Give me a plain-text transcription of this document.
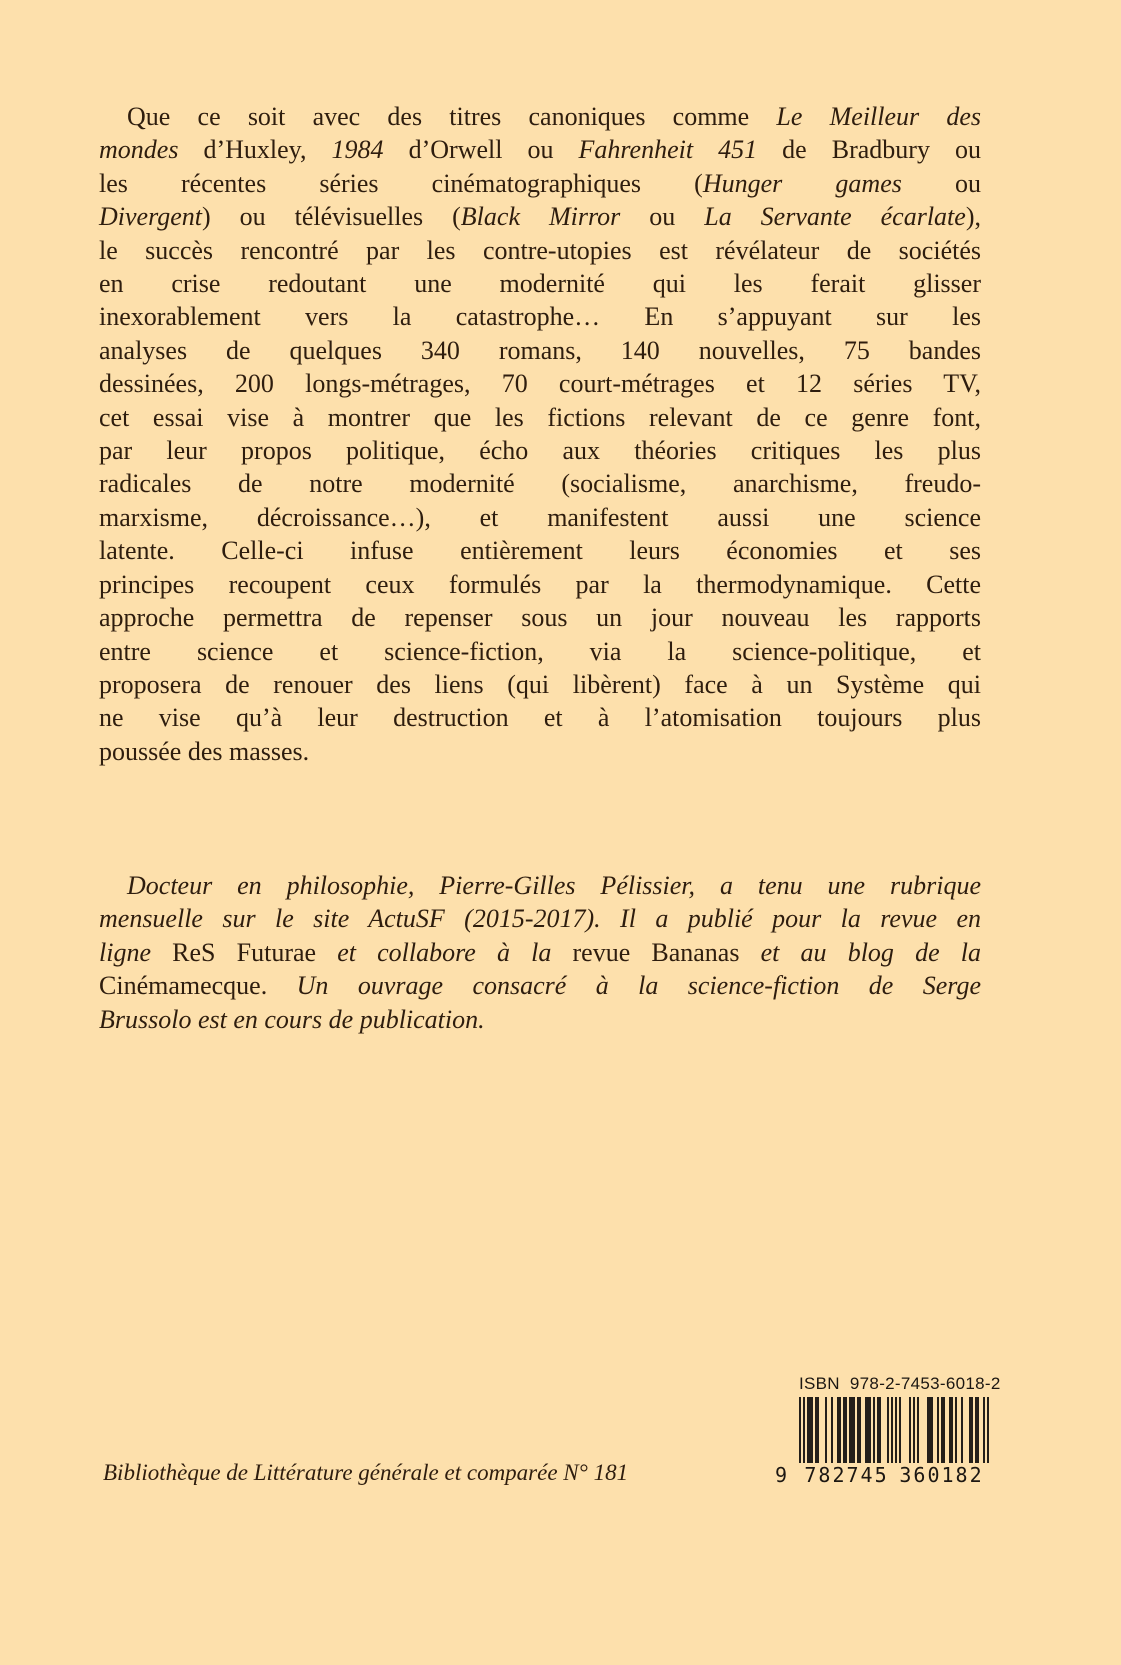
Que ce soit avec des titres canoniques comme Le Meilleur des
mondes d’Huxley, 1984 d’Orwell ou Fahrenheit 451 de Bradbury ou
les récentes séries cinématographiques (Hunger games ou
Divergent) ou télévisuelles (Black Mirror ou La Servante écarlate),
le succès rencontré par les contre-utopies est révélateur de sociétés
en crise redoutant une modernité qui les ferait glisser
inexorablement vers la catastrophe… En s’appuyant sur les
analyses de quelques 340 romans, 140 nouvelles, 75 bandes
dessinées, 200 longs-métrages, 70 court-métrages et 12 séries TV,
cet essai vise à montrer que les fictions relevant de ce genre font,
par leur propos politique, écho aux théories critiques les plus
radicales de notre modernité (socialisme, anarchisme, freudo-
marxisme, décroissance…), et manifestent aussi une science
latente. Celle-ci infuse entièrement leurs économies et ses
principes recoupent ceux formulés par la thermodynamique. Cette
approche permettra de repenser sous un jour nouveau les rapports
entre science et science-fiction, via la science-politique, et
proposera de renouer des liens (qui libèrent) face à un Système qui
ne vise qu’à leur destruction et à l’atomisation toujours plus
poussée des masses.
Docteur en philosophie, Pierre-Gilles Pélissier, a tenu une rubrique
mensuelle sur le site ActuSF (2015-2017). Il a publié pour la revue en
ligne ReS Futurae et collabore à la revue Bananas et au blog de la
Cinémamecque. Un ouvrage consacré à la science-fiction de Serge
Brussolo est en cours de publication.
Bibliothèque de Littérature générale et comparée N° 181
ISBN  978-2-7453-6018-2
9 782745 360182
